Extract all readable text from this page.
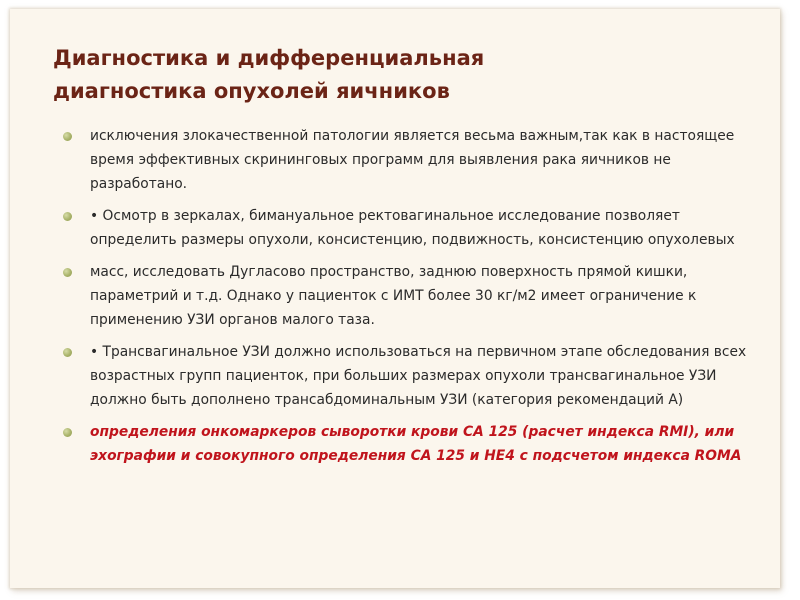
Диагностика и дифференциальная
диагностика опухолей яичников
исключения злокачественной патологии является весьма важным,так как в настоящее время эффективных скрининговых программ для выявления рака яичников не разработано.
• Осмотр в зеркалах, бимануальное ректовагинальное исследование позволяет определить размеры опухоли, консистенцию, подвижность, консистенцию опухолевых
масс, исследовать Дугласово пространство, заднюю поверхность прямой кишки, параметрий и т.д. Однако у пациенток с ИМТ более 30 кг/м2 имеет ограничение к применению УЗИ органов малого таза.
• Трансвагинальное УЗИ должно использоваться на первичном этапе обследования всех возрастных групп пациенток, при больших размерах опухоли трансвагинальное УЗИ должно быть дополнено трансабдоминальным УЗИ (категория рекомендаций А)
определения онкомаркеров сыворотки крови CA 125 (расчет индекса RMI), или эхографии и совокупного определения CA 125 и HE4 с подсчетом индекса ROMA
